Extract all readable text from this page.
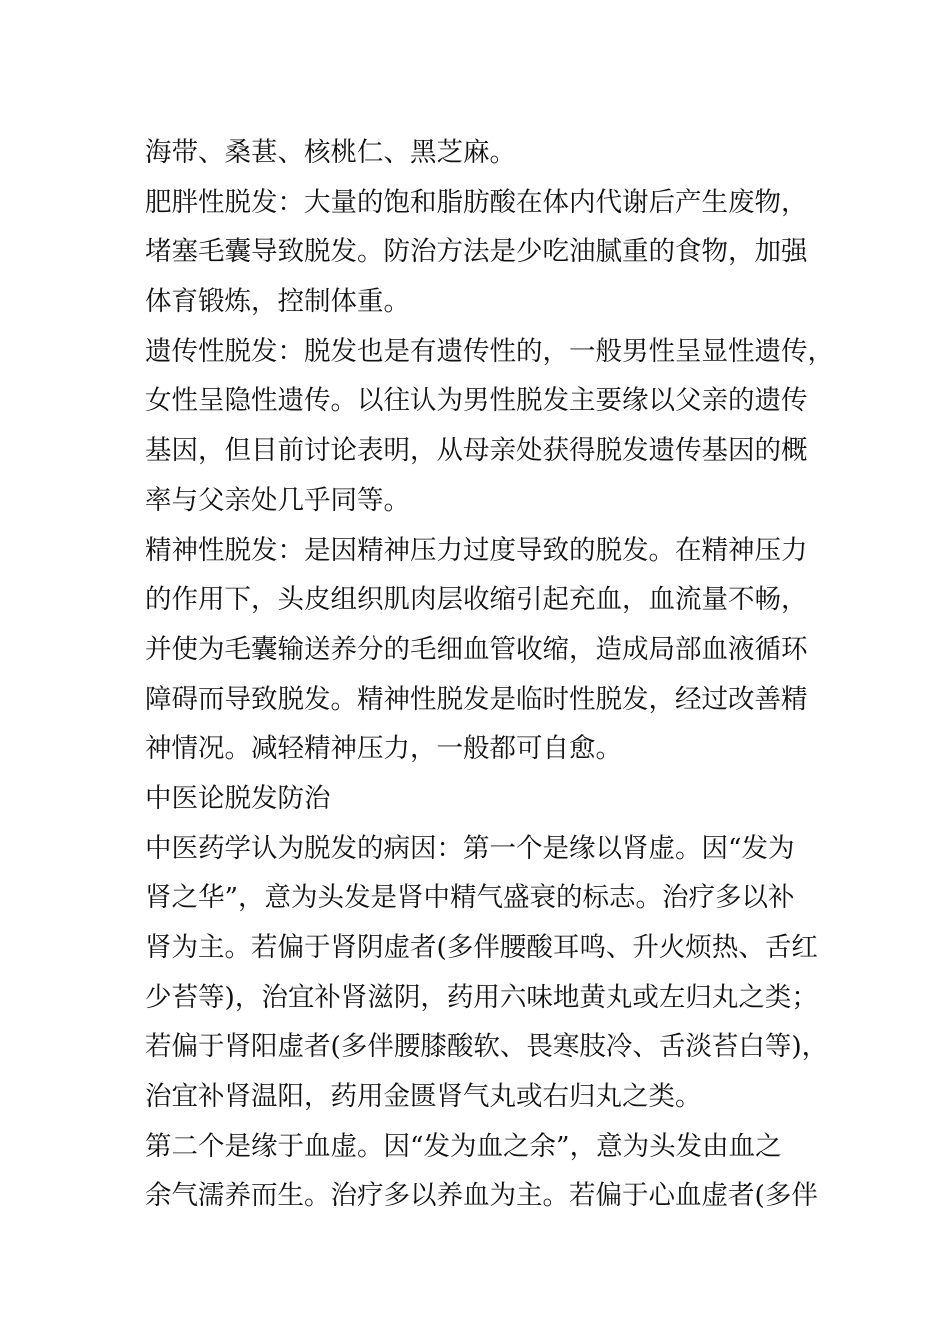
海带、桑葚、核桃仁、黑芝麻。
肥胖性脱发：大量的饱和脂肪酸在体内代谢后产生废物，
堵塞毛囊导致脱发。防治方法是少吃油腻重的食物，加强
体育锻炼，控制体重。
遗传性脱发：脱发也是有遗传性的，一般男性呈显性遗传，
女性呈隐性遗传。以往认为男性脱发主要缘以父亲的遗传
基因，但目前讨论表明，从母亲处获得脱发遗传基因的概
率与父亲处几乎同等。
精神性脱发：是因精神压力过度导致的脱发。在精神压力
的作用下，头皮组织肌肉层收缩引起充血，血流量不畅，
并使为毛囊输送养分的毛细血管收缩，造成局部血液循环
障碍而导致脱发。精神性脱发是临时性脱发，经过改善精
神情况。减轻精神压力，一般都可自愈。
中医论脱发防治
中医药学认为脱发的病因：第一个是缘以肾虚。因“发为
肾之华”，意为头发是肾中精气盛衰的标志。治疗多以补
肾为主。若偏于肾阴虚者(多伴腰酸耳鸣、升火烦热、舌红
少苔等)，治宜补肾滋阴，药用六味地黄丸或左归丸之类；
若偏于肾阳虚者(多伴腰膝酸软、畏寒肢冷、舌淡苔白等)，
治宜补肾温阳，药用金匮肾气丸或右归丸之类。
第二个是缘于血虚。因“发为血之余”，意为头发由血之
余气濡养而生。治疗多以养血为主。若偏于心血虚者(多伴
